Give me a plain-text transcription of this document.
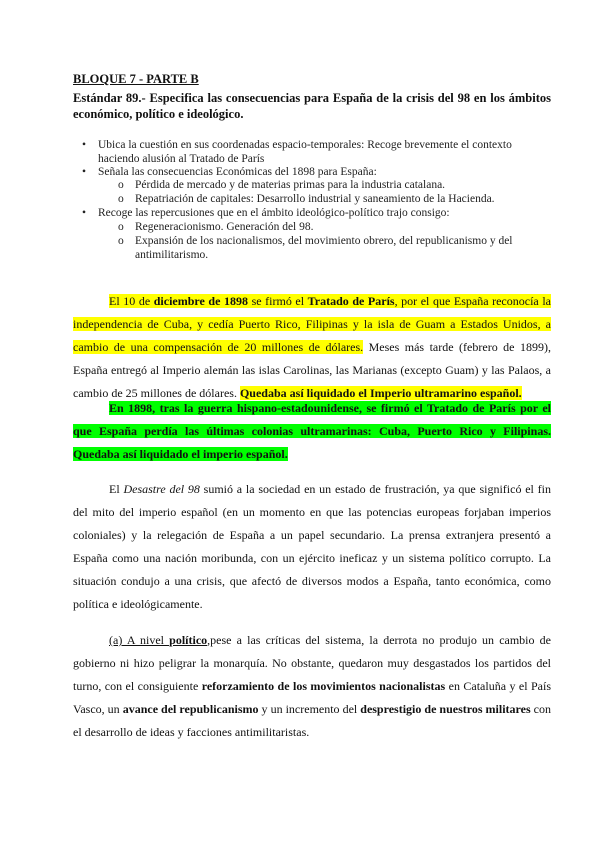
BLOQUE 7 - PARTE B
Estándar 89.- Especifica las consecuencias para España de la crisis del 98 en los ámbitos económico, político e ideológico.
• Ubica la cuestión en sus coordenadas espacio-temporales: Recoge brevemente el contexto haciendo alusión al Tratado de París
• Señala las consecuencias Económicas del 1898 para España:
o Pérdida de mercado y de materias primas para la industria catalana.
o Repatriación de capitales: Desarrollo industrial y saneamiento de la Hacienda.
• Recoge las repercusiones que en el ámbito ideológico-político trajo consigo:
o Regeneracionismo. Generación del 98.
o Expansión de los nacionalismos, del movimiento obrero, del republicanismo y del antimilitarismo.
El 10 de diciembre de 1898 se firmó el Tratado de París, por el que España reconocía la independencia de Cuba, y cedía Puerto Rico, Filipinas y la isla de Guam a Estados Unidos, a cambio de una compensación de 20 millones de dólares. Meses más tarde (febrero de 1899), España entregó al Imperio alemán las islas Carolinas, las Marianas (excepto Guam) y las Palaos, a cambio de 25 millones de dólares. Quedaba así liquidado el Imperio ultramarino español.
En 1898, tras la guerra hispano-estadounidense, se firmó el Tratado de París por el que España perdía las últimas colonias ultramarinas: Cuba, Puerto Rico y Filipinas. Quedaba así liquidado el imperio español.
El Desastre del 98 sumió a la sociedad en un estado de frustración, ya que significó el fin del mito del imperio español (en un momento en que las potencias europeas forjaban imperios coloniales) y la relegación de España a un papel secundario. La prensa extranjera presentó a España como una nación moribunda, con un ejército ineficaz y un sistema político corrupto. La situación condujo a una crisis, que afectó de diversos modos a España, tanto económica, como política e ideológicamente.
(a) A nivel político,pese a las críticas del sistema, la derrota no produjo un cambio de gobierno ni hizo peligrar la monarquía. No obstante, quedaron muy desgastados los partidos del turno, con el consiguiente reforzamiento de los movimientos nacionalistas en Cataluña y el País Vasco, un avance del republicanismo y un incremento del desprestigio de nuestros militares con el desarrollo de ideas y facciones antimilitaristas.
